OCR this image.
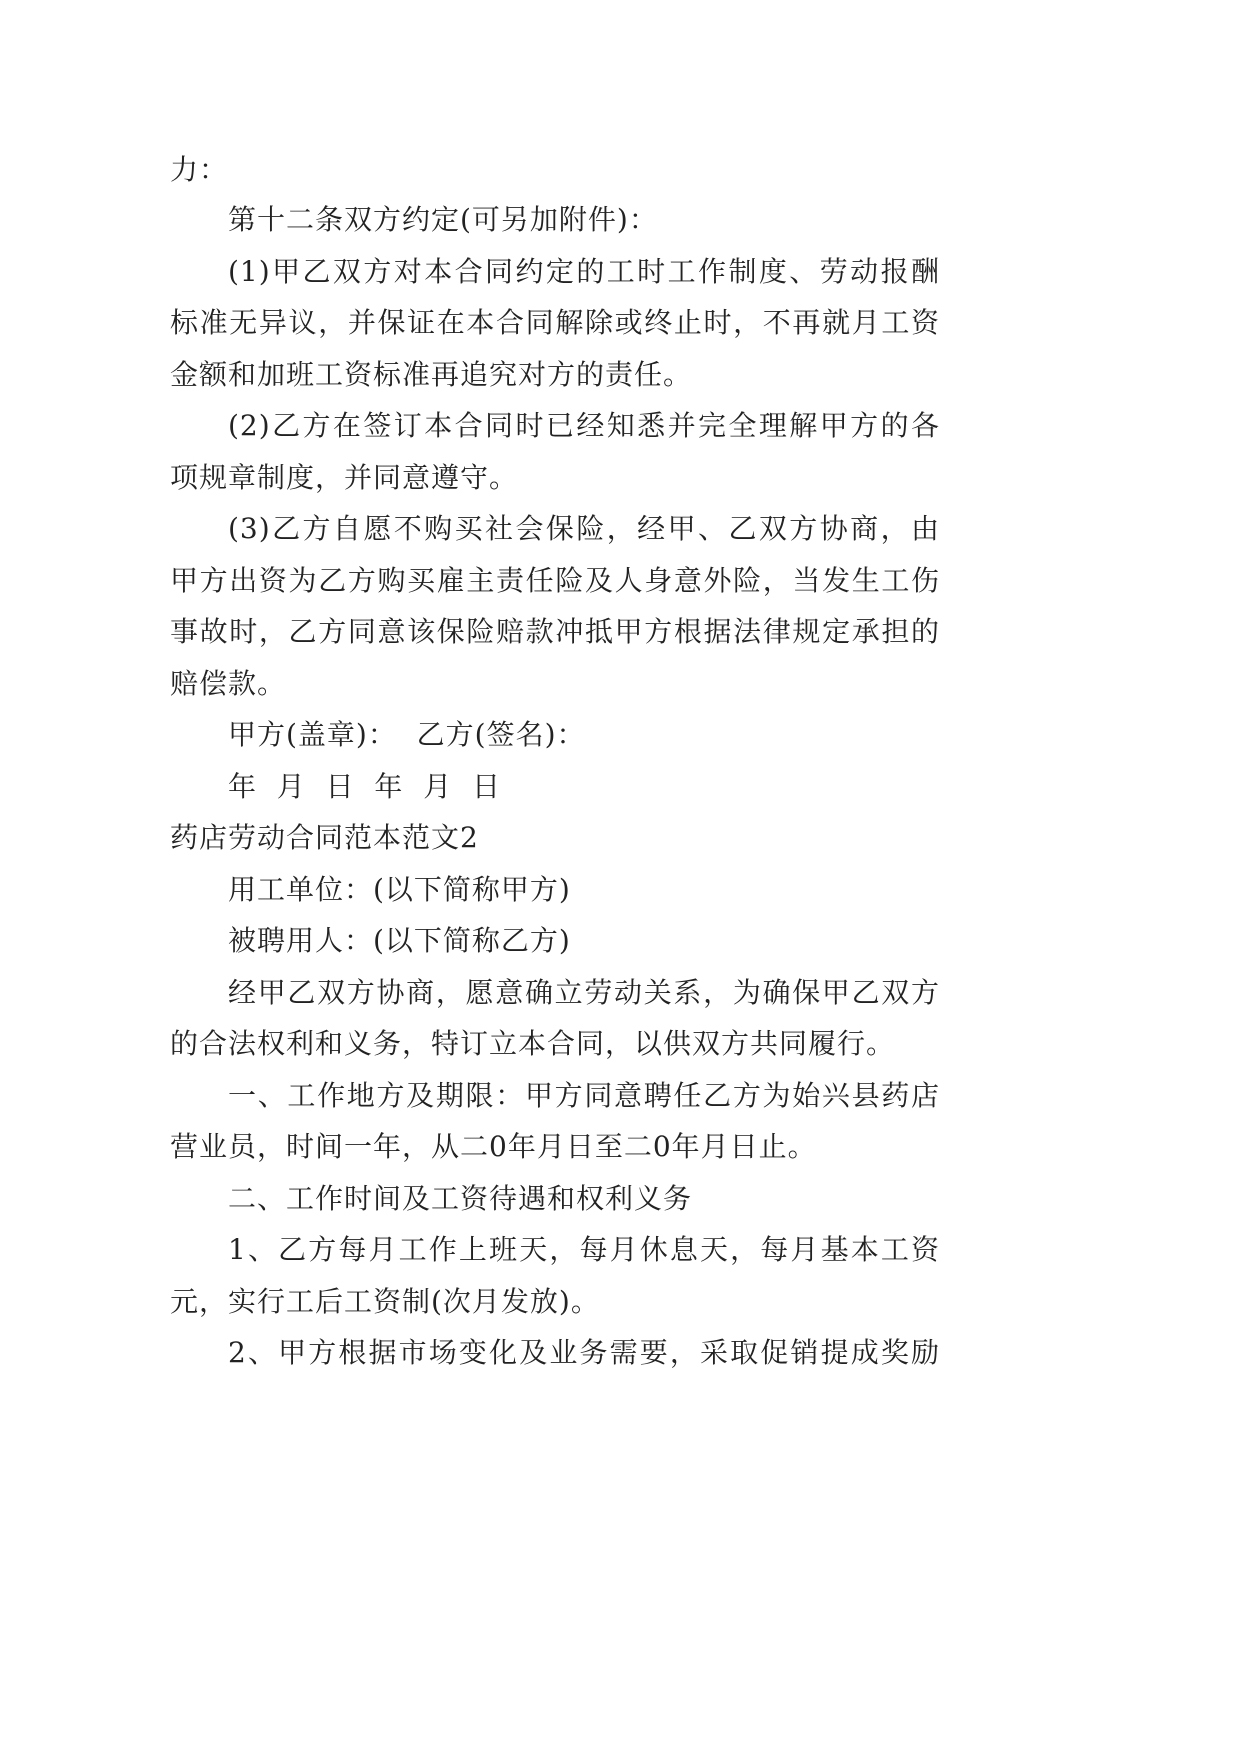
力：
第十二条双方约定(可另加附件)：
(1)甲乙双方对本合同约定的工时工作制度、劳动报酬
标准无异议，并保证在本合同解除或终止时，不再就月工资
金额和加班工资标准再追究对方的责任。
(2)乙方在签订本合同时已经知悉并完全理解甲方的各
项规章制度，并同意遵守。
(3)乙方自愿不购买社会保险，经甲、乙双方协商，由
甲方出资为乙方购买雇主责任险及人身意外险，当发生工伤
事故时，乙方同意该保险赔款冲抵甲方根据法律规定承担的
赔偿款。
甲方(盖章)：  乙方(签名)：
年  月  日  年  月  日
药店劳动合同范本范文2
用工单位：(以下简称甲方)
被聘用人：(以下简称乙方)
经甲乙双方协商，愿意确立劳动关系，为确保甲乙双方
的合法权利和义务，特订立本合同，以供双方共同履行。
一、工作地方及期限：甲方同意聘任乙方为始兴县药店
营业员，时间一年，从二0年月日至二0年月日止。
二、工作时间及工资待遇和权利义务
1、乙方每月工作上班天，每月休息天，每月基本工资
元，实行工后工资制(次月发放)。
2、甲方根据市场变化及业务需要，采取促销提成奖励
